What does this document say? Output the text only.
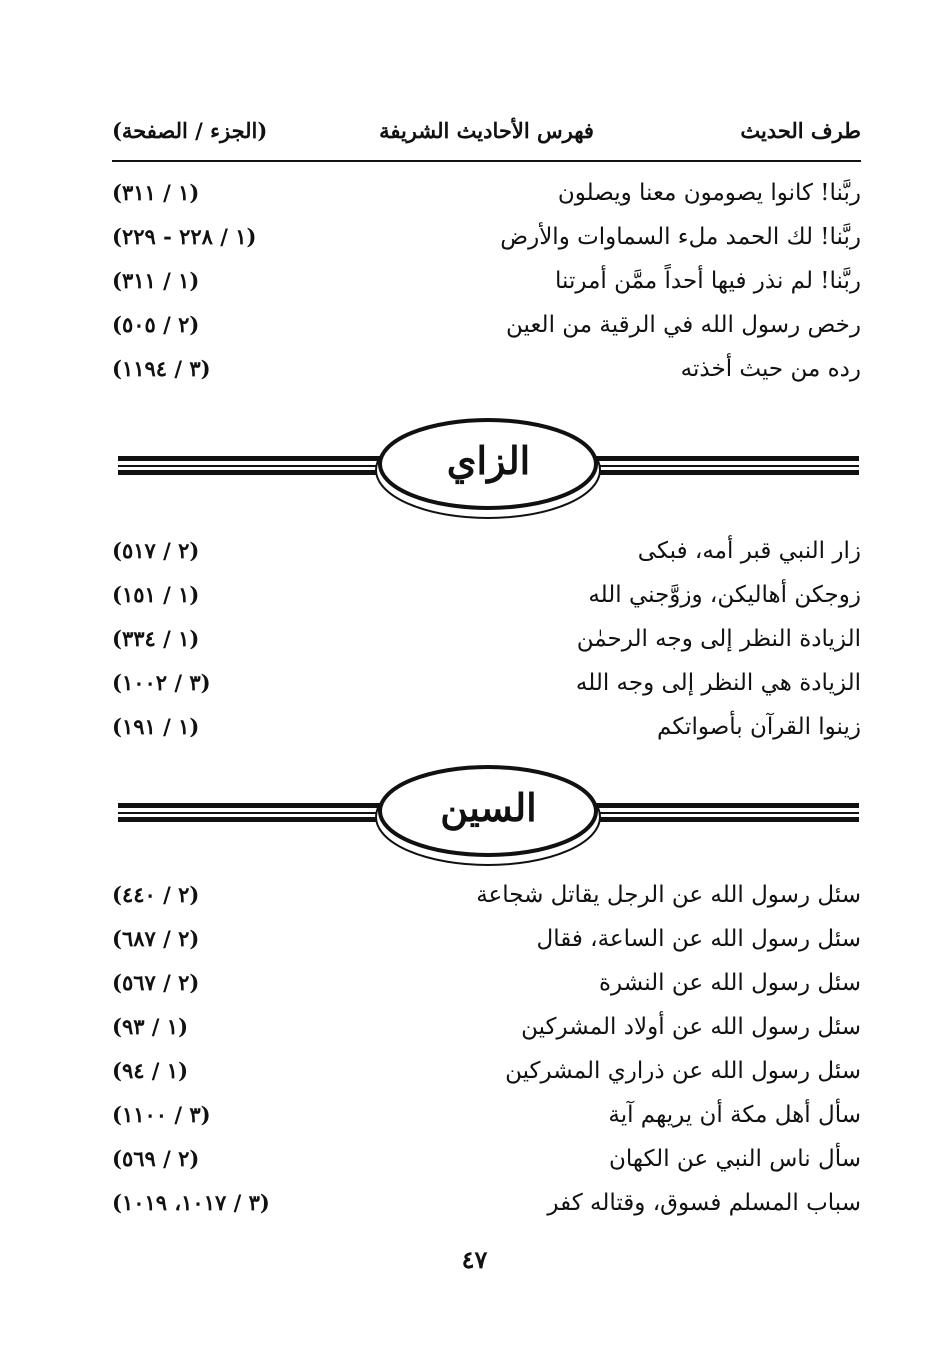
طرف الحديث
فهرس الأحاديث الشريفة
(الجزء / الصفحة)
ربَّنا! كانوا يصومون معنا ويصلون
(١ / ٣١١)
ربَّنا! لك الحمد ملء السماوات والأرض
(١ / ٢٢٨ - ٢٢٩)
ربَّنا! لم نذر فيها أحداً ممَّن أمرتنا
(١ / ٣١١)
رخص رسول الله في الرقية من العين
(٢ / ٥٠٥)
رده من حيث أخذته
(٣ / ١١٩٤)
الزاي
زار النبي قبر أمه، فبكى
(٢ / ٥١٧)
زوجكن أهاليكن، وزوَّجني الله
(١ / ١٥١)
الزيادة النظر إلى وجه الرحمٰن
(١ / ٣٣٤)
الزيادة هي النظر إلى وجه الله
(٣ / ١٠٠٢)
زينوا القرآن بأصواتكم
(١ / ١٩١)
السين
سئل رسول الله عن الرجل يقاتل شجاعة
(٢ / ٤٤٠)
سئل رسول الله عن الساعة، فقال
(٢ / ٦٨٧)
سئل رسول الله عن النشرة
(٢ / ٥٦٧)
سئل رسول الله عن أولاد المشركين
(١ / ٩٣)
سئل رسول الله عن ذراري المشركين
(١ / ٩٤)
سأل أهل مكة أن يريهم آية
(٣ / ١١٠٠)
سأل ناس النبي عن الكهان
(٢ / ٥٦٩)
سباب المسلم فسوق، وقتاله كفر
(٣ / ١٠١٧، ١٠١٩)
٤٧
